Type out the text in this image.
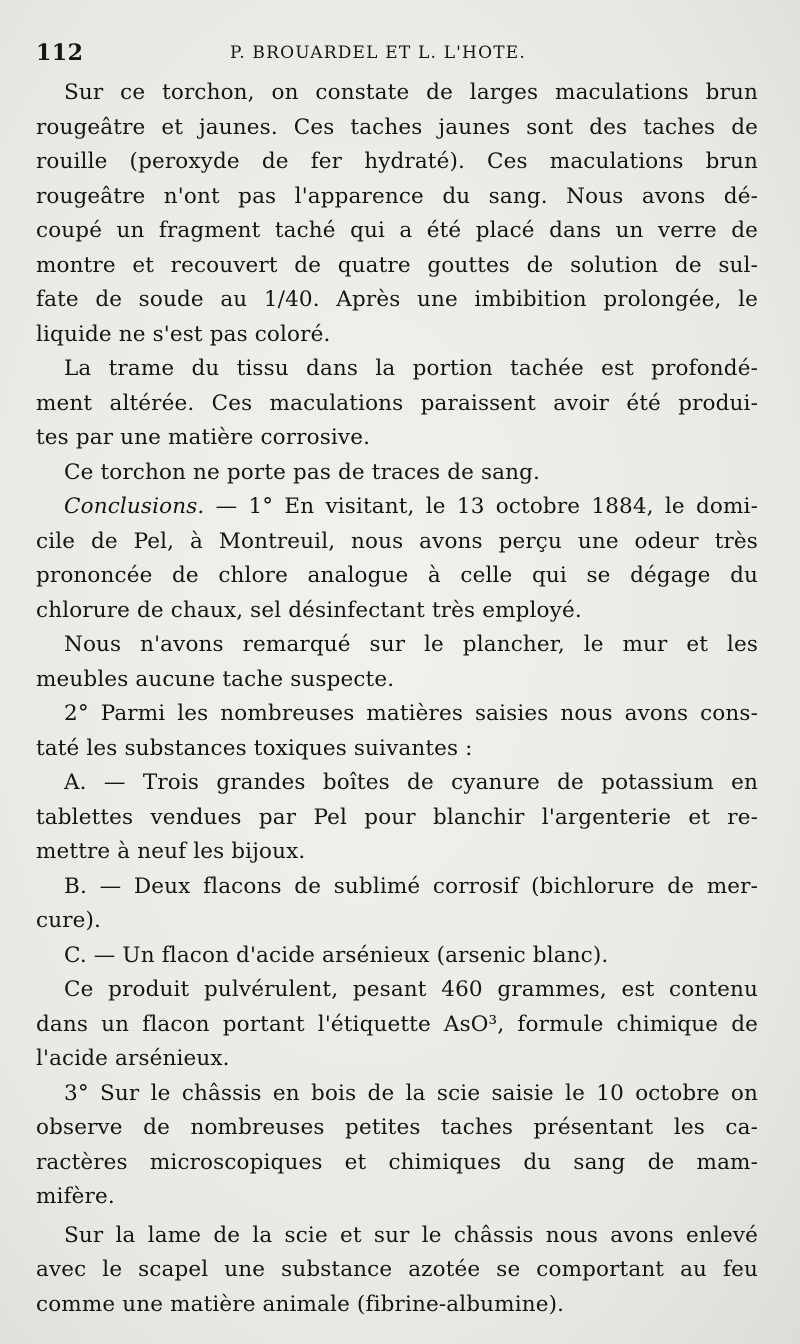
112	P. BROUARDEL ET L. L'HOTE.
Sur ce torchon, on constate de larges maculations brun
rougeâtre et jaunes. Ces taches jaunes sont des taches de
rouille (peroxyde de fer hydraté). Ces maculations brun
rougeâtre n'ont pas l'apparence du sang. Nous avons dé-
coupé un fragment taché qui a été placé dans un verre de
montre et recouvert de quatre gouttes de solution de sul-
fate de soude au 1/40. Après une imbibition prolongée, le
liquide ne s'est pas coloré.
La trame du tissu dans la portion tachée est profondé-
ment altérée. Ces maculations paraissent avoir été produi-
tes par une matière corrosive.
Ce torchon ne porte pas de traces de sang.
Conclusions. — 1° En visitant, le 13 octobre 1884, le domi-
cile de Pel, à Montreuil, nous avons perçu une odeur très
prononcée de chlore analogue à celle qui se dégage du
chlorure de chaux, sel désinfectant très employé.
Nous n'avons remarqué sur le plancher, le mur et les
meubles aucune tache suspecte.
2° Parmi les nombreuses matières saisies nous avons cons-
taté les substances toxiques suivantes :
A. — Trois grandes boîtes de cyanure de potassium en
tablettes vendues par Pel pour blanchir l'argenterie et re-
mettre à neuf les bijoux.
B. — Deux flacons de sublimé corrosif (bichlorure de mer-
cure).
C. — Un flacon d'acide arsénieux (arsenic blanc).
Ce produit pulvérulent, pesant 460 grammes, est contenu
dans un flacon portant l'étiquette AsO³, formule chimique de
l'acide arsénieux.
3° Sur le châssis en bois de la scie saisie le 10 octobre on
observe de nombreuses petites taches présentant les ca-
ractères microscopiques et chimiques du sang de mam-
mifère.
Sur la lame de la scie et sur le châssis nous avons enlevé
avec le scapel une substance azotée se comportant au feu
comme une matière animale (fibrine-albumine).
